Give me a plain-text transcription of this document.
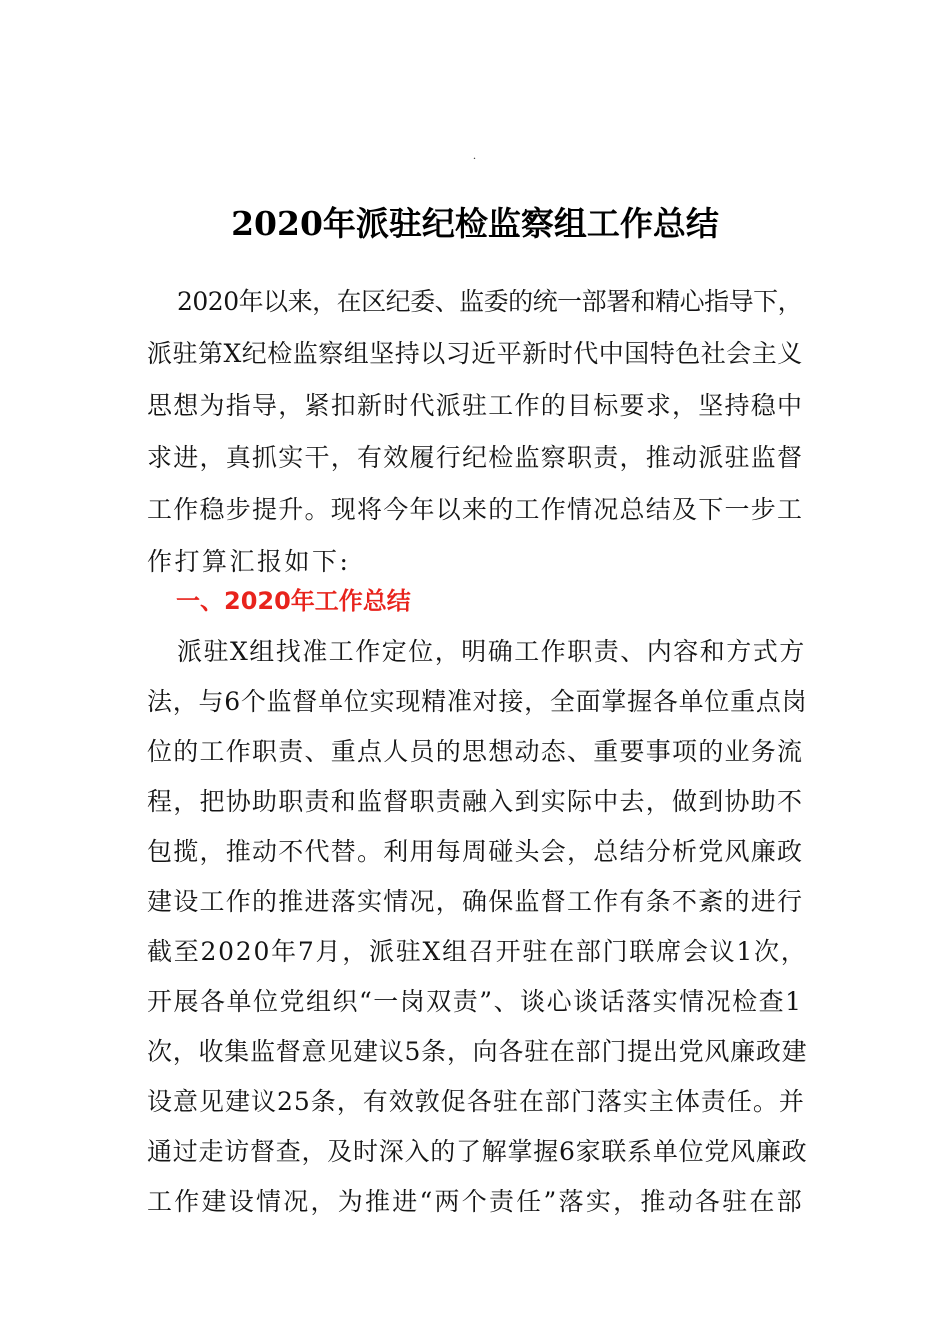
.
2020年派驻纪检监察组工作总结
2020年以来，在区纪委、监委的统一部署和精心指导下，
派驻第X纪检监察组坚持以习近平新时代中国特色社会主义
思想为指导，紧扣新时代派驻工作的目标要求，坚持稳中
求进，真抓实干，有效履行纪检监察职责，推动派驻监督
工作稳步提升。现将今年以来的工作情况总结及下一步工
作打算汇报如下:
一、2020年工作总结
派驻X组找准工作定位，明确工作职责、内容和方式方
法，与6个监督单位实现精准对接，全面掌握各单位重点岗
位的工作职责、重点人员的思想动态、重要事项的业务流
程，把协助职责和监督职责融入到实际中去，做到协助不
包揽，推动不代替。利用每周碰头会，总结分析党风廉政
建设工作的推进落实情况，确保监督工作有条不紊的进行
截至2020年7月，派驻X组召开驻在部门联席会议1次，
开展各单位党组织“一岗双责”、谈心谈话落实情况检查1
次，收集监督意见建议5条，向各驻在部门提出党风廉政建
设意见建议25条，有效敦促各驻在部门落实主体责任。并
通过走访督查，及时深入的了解掌握6家联系单位党风廉政
工作建设情况，为推进“两个责任”落实，推动各驻在部
